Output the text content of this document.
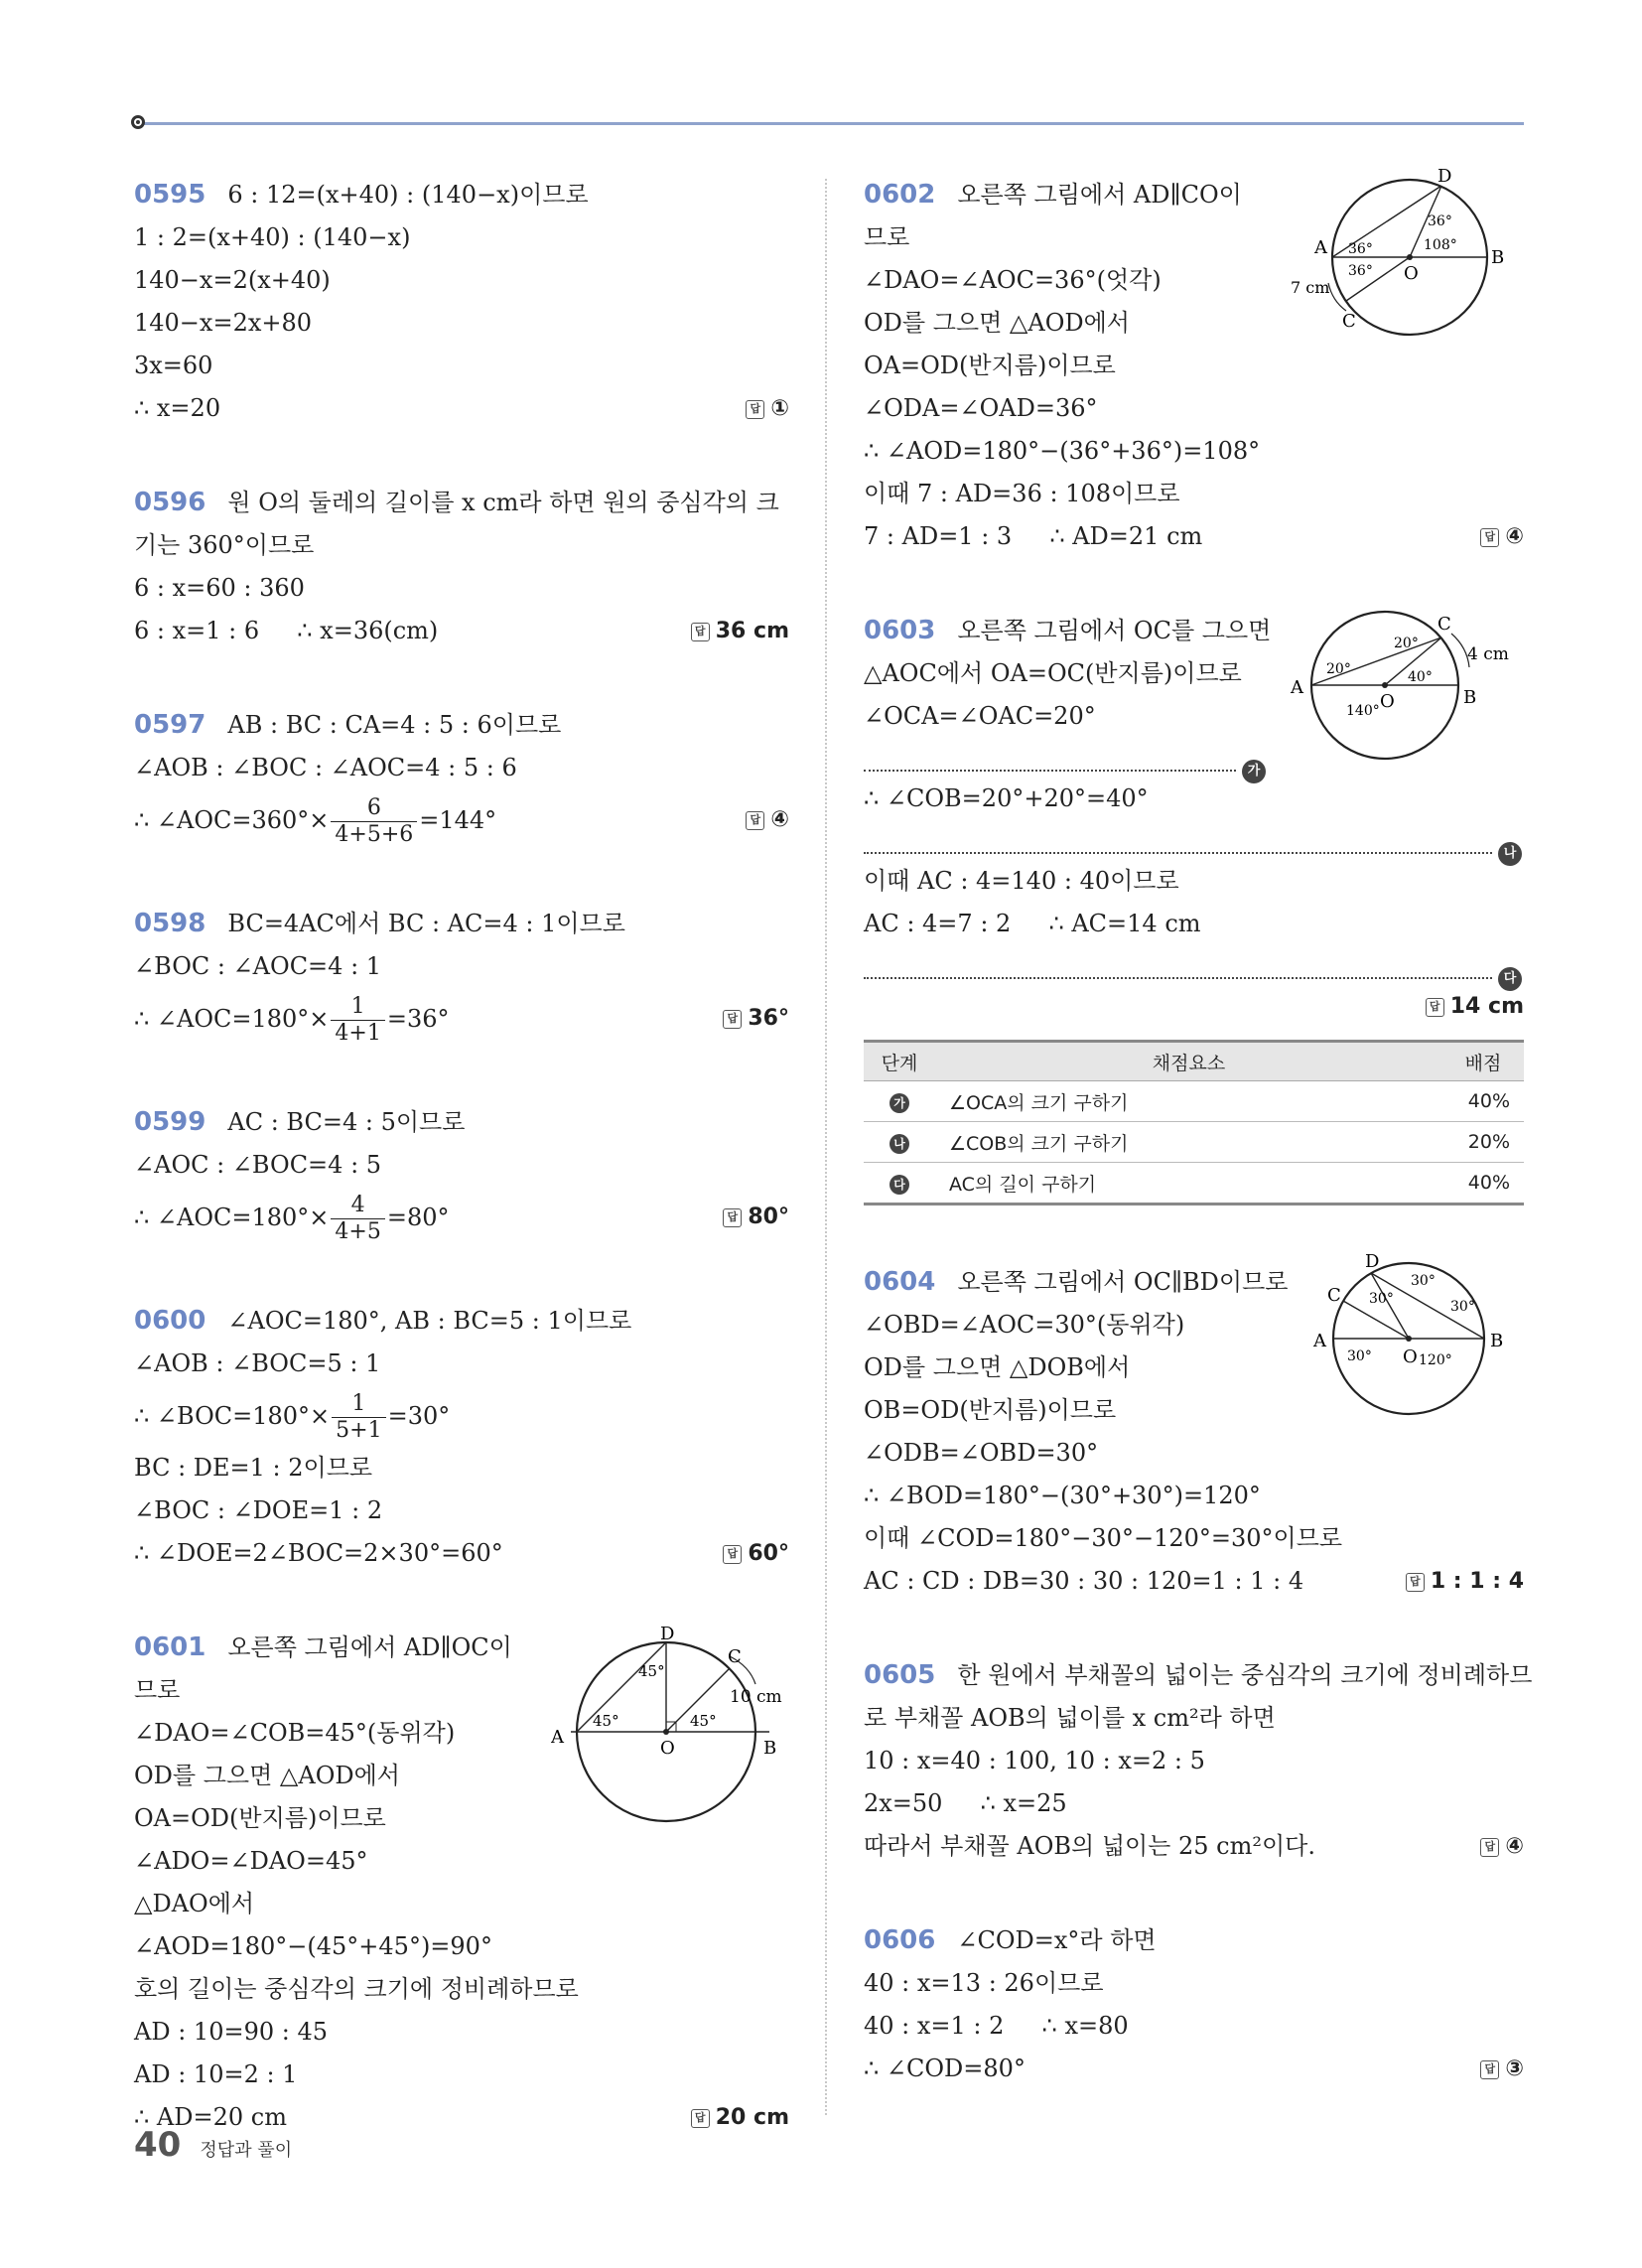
0595 6 : 12=(x+40) : (140−x)이므로
1 : 2=(x+40) : (140−x)
140−x=2(x+40)
140−x=2x+80
3x=60
∴ x=20	답 ①
0596 원 O의 둘레의 길이를 x cm라 하면 원의 중심각의 크
기는 360°이므로
6 : x=60 : 360
6 : x=1 : 6     ∴ x=36(cm)	답 36 cm
0597 AB : BC : CA=4 : 5 : 6이므로
∠AOB : ∠BOC : ∠AOC=4 : 5 : 6
∴ ∠AOC=360°× $\frac{6}{4+5+6} =144^\circ$	답 ④
0598 BC=4AC에서 BC : AC=4 : 1이므로
∠BOC : ∠AOC=4 : 1
∴ ∠AOC=180°× $\frac{1}{4+1} =36^\circ$	답 36°
0599 AC : BC=4 : 5이므로
∠AOC : ∠BOC=4 : 5
∴ ∠AOC=180°× $\frac{4}{4+5} =80^\circ$	답 80°
0600 ∠AOC=180°, AB : BC=5 : 1이므로
∠AOB : ∠BOC=5 : 1
∴ ∠BOC=180°× $\frac{1}{5+1} =30^\circ$
BC : DE=1 : 2이므로
∠BOC : ∠DOE=1 : 2
∴ ∠DOE=2∠BOC=2×30°=60°	답 60°
0601 오른쪽 그림에서 AD∥OC이
므로
∠DAO=∠COB=45°(동위각)
OD를 그으면 △AOD에서
OA=OD(반지름)이므로
∠ADO=∠DAO=45°
△DAO에서
∠AOD=180°−(45°+45°)=90°
호의 길이는 중심각의 크기에 정비례하므로
AD : 10=90 : 45
AD : 10=2 : 1
∴ AD=20 cm	답 20 cm
D
C
A
O	B
45°
45°	45°
10 cm
0602 오른쪽 그림에서 AD∥CO이
므로
∠DAO=∠AOC=36°(엇각)
OD를 그으면 △AOD에서
OA=OD(반지름)이므로
∠ODA=∠OAD=36°
∴ ∠AOD=180°−(36°+36°)=108°
이때 7 : AD=36 : 108이므로
7 : AD=1 : 3     ∴ AD=21 cm	답 ④
D
A	B
O
C
7 cm
36°
36°
36°
108°
0603 오른쪽 그림에서 OC를 그으면
△AOC에서 OA=OC(반지름)이므로
∠OCA=∠OAC=20°
가
∴ ∠COB=20°+20°=40°
나
이때 AC : 4=140 : 40이므로
AC : 4=7 : 2     ∴ AC=14 cm
다
답 14 cm
단계	채점요소	배점
가	∠OCA의 크기 구하기	40%
나	∠COB의 크기 구하기	20%
다	AC의 길이 구하기	40%
C
A	B
O
20°
20°
40°
140°
4 cm
0604 오른쪽 그림에서 OC∥BD이므로
∠OBD=∠AOC=30°(동위각)
OD를 그으면 △DOB에서
OB=OD(반지름)이므로
∠ODB=∠OBD=30°
∴ ∠BOD=180°−(30°+30°)=120°
이때 ∠COD=180°−30°−120°=30°이므로
AC : CD : DB=30 : 30 : 120=1 : 1 : 4	답 1 : 1 : 4
D
C
A	B
O
30°
30°
30°
30°	120°
0605 한 원에서 부채꼴의 넓이는 중심각의 크기에 정비례하므
로 부채꼴 AOB의 넓이를 x cm²라 하면
10 : x=40 : 100, 10 : x=2 : 5
2x=50     ∴ x=25
따라서 부채꼴 AOB의 넓이는 25 cm²이다.	답 ④
0606 ∠COD=x°라 하면
40 : x=13 : 26이므로
40 : x=1 : 2     ∴ x=80
∴ ∠COD=80°	답 ③
40 정답과 풀이
